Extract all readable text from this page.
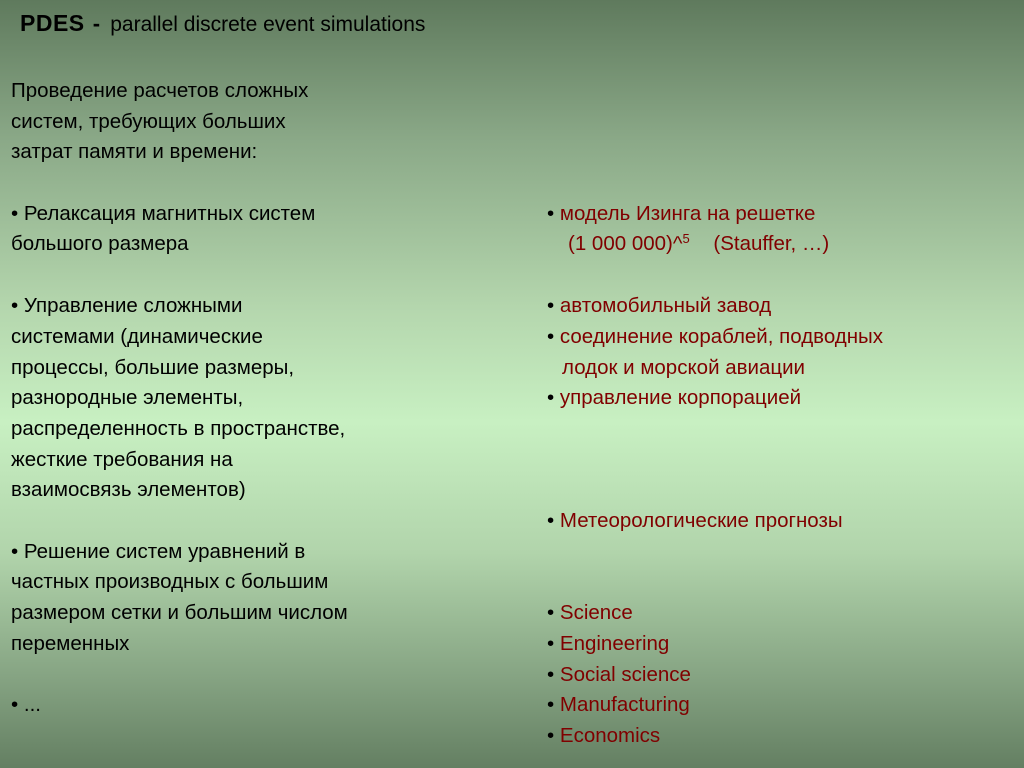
PDES - parallel discrete event simulations
Проведение расчетов сложных
систем, требующих больших
затрат памяти и времени:
• Релаксация магнитных систем
большого размера
• Управление сложными
системами (динамические
процессы, большие размеры,
разнородные элементы,
распределенность в пространстве,
жесткие требования на
взаимосвязь элементов)
• Решение систем уравнений в
частных производных с большим
размером сетки и большим числом
переменных
• ...
• модель Изинга на решетке
(1 000 000)^$^5$ (Stauffer, …)
• автомобильный завод
• соединение кораблей, подводных
лодок и морской авиации
• управление корпорацией
• Метеорологические прогнозы
• Science
• Engineering
• Social science
• Manufacturing
• Economics
